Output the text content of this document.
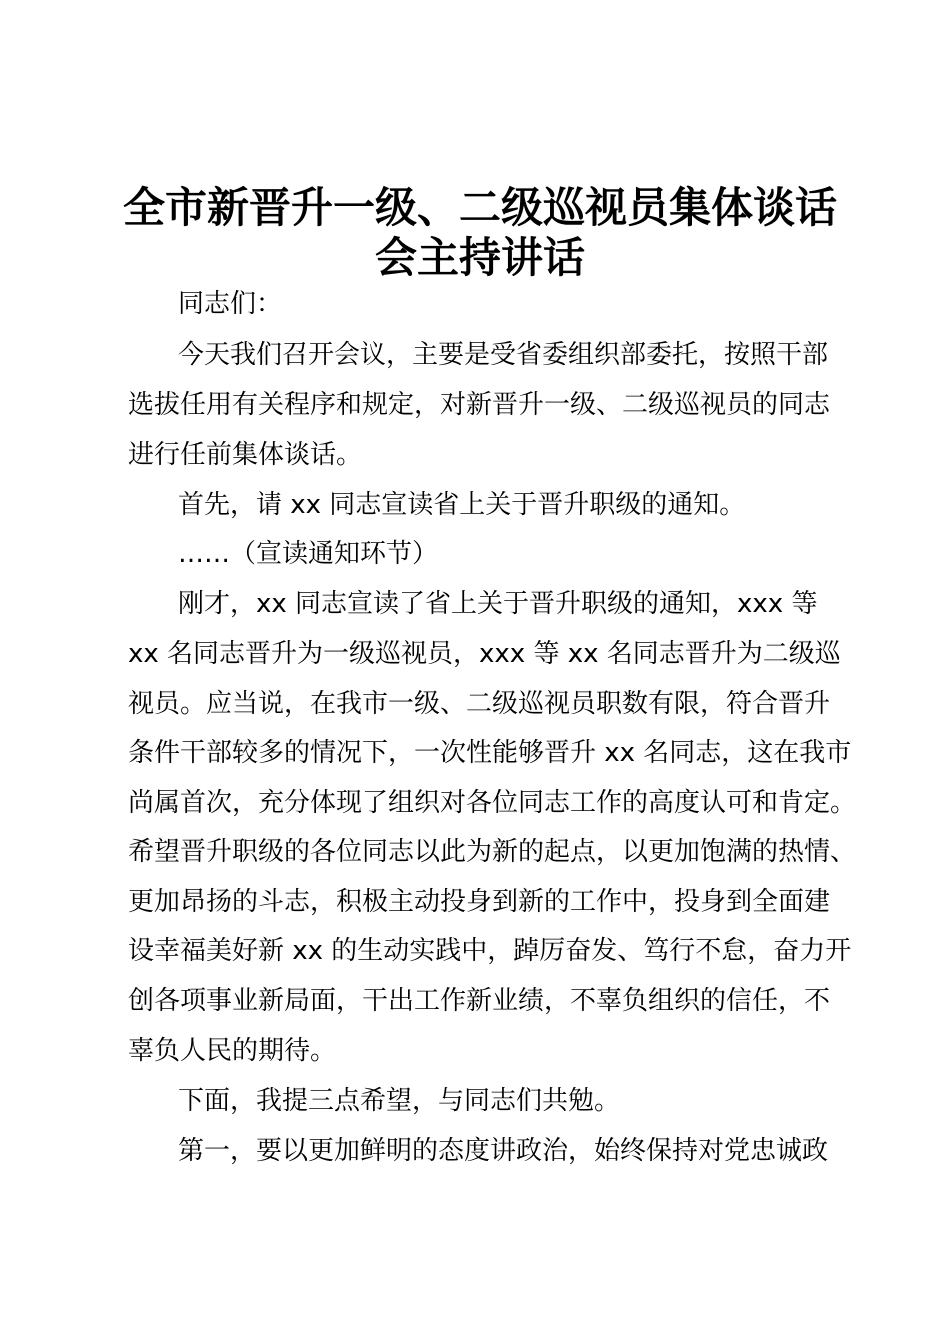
全市新晋升一级、二级巡视员集体谈话
会主持讲话
同志们：
今天我们召开会议，主要是受省委组织部委托，按照干部
选拔任用有关程序和规定，对新晋升一级、二级巡视员的同志
进行任前集体谈话。
首先，请 xx 同志宣读省上关于晋升职级的通知。
……（宣读通知环节）
刚才，xx 同志宣读了省上关于晋升职级的通知，xxx 等
xx 名同志晋升为一级巡视员，xxx 等 xx 名同志晋升为二级巡
视员。应当说，在我市一级、二级巡视员职数有限，符合晋升
条件干部较多的情况下，一次性能够晋升 xx 名同志，这在我市
尚属首次，充分体现了组织对各位同志工作的高度认可和肯定。
希望晋升职级的各位同志以此为新的起点，以更加饱满的热情、
更加昂扬的斗志，积极主动投身到新的工作中，投身到全面建
设幸福美好新 xx 的生动实践中，踔厉奋发、笃行不怠，奋力开
创各项事业新局面，干出工作新业绩，不辜负组织的信任，不
辜负人民的期待。
下面，我提三点希望，与同志们共勉。
第一，要以更加鲜明的态度讲政治，始终保持对党忠诚政
